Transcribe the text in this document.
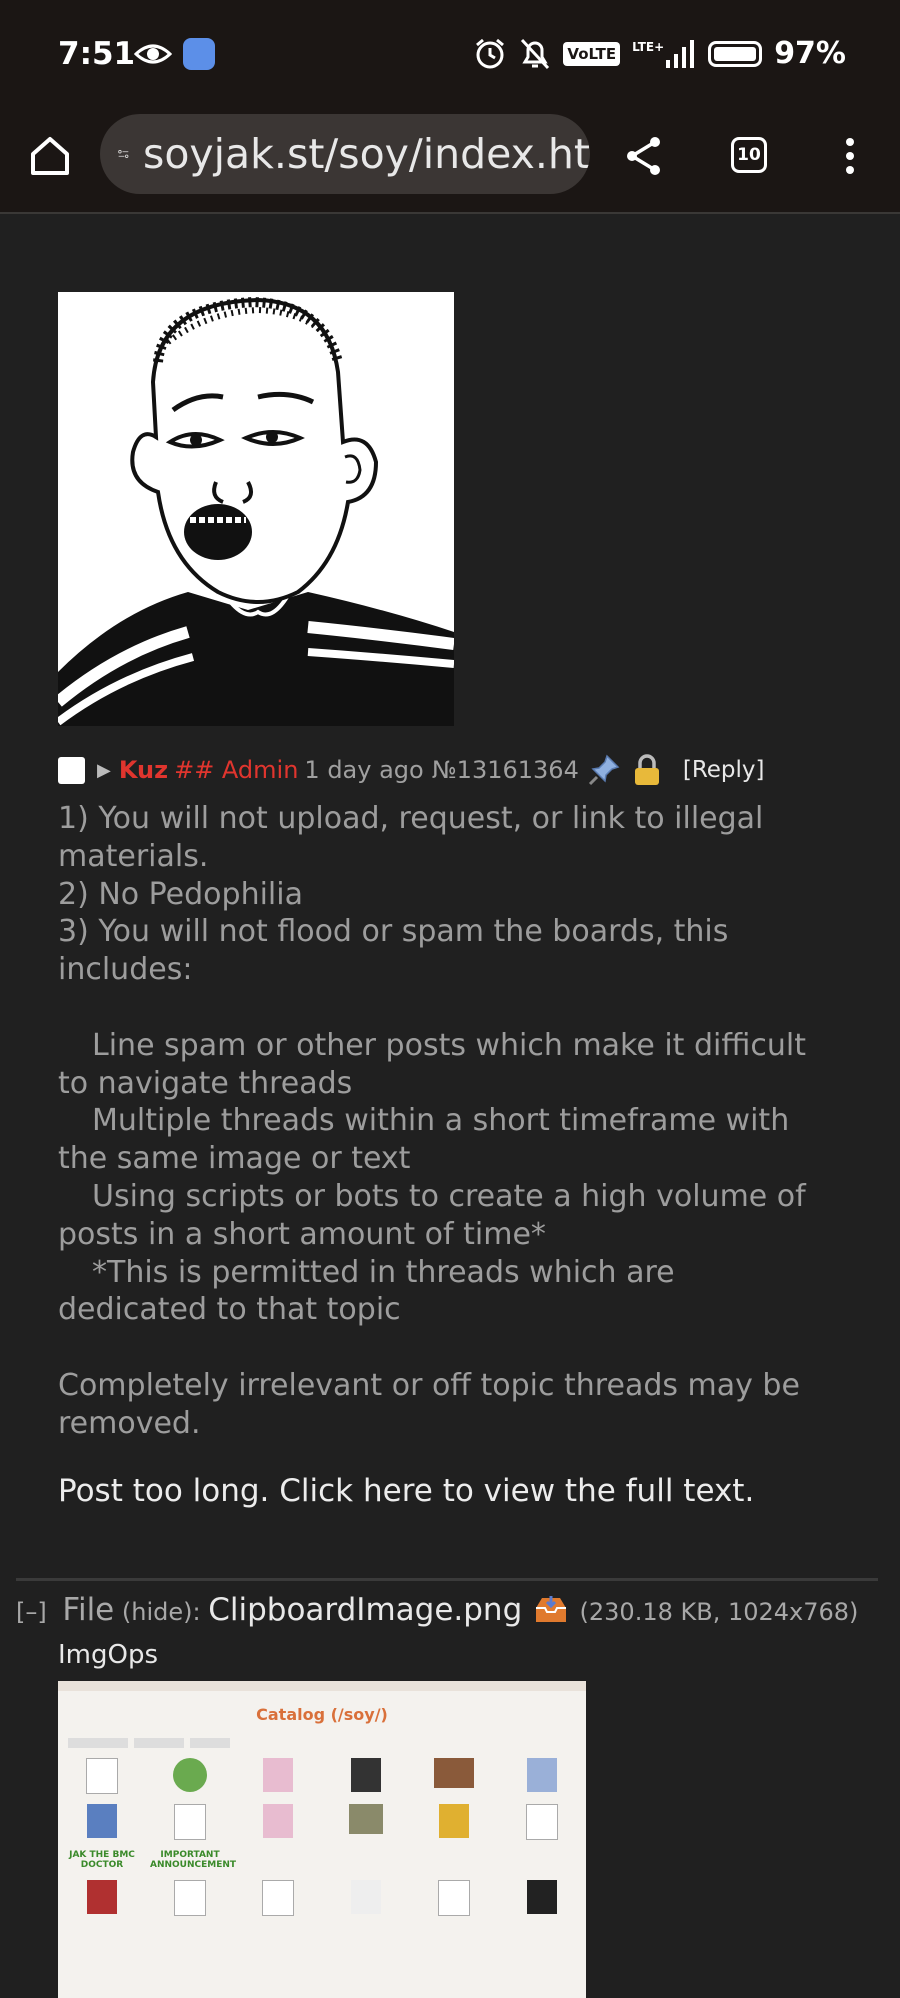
7:51	VoLTE	LTE+	97%
soyjak.st/soy/index.ht	10
▶ Kuz ## Admin 1 day ago №13161364	[Reply]

1) You will not upload, request, or link to illegal

materials.

2) No Pedophilia

3) You will not flood or spam the boards, this

includes:

Line spam or other posts which make it difficult

to navigate threads

Multiple threads within a short timeframe with

the same image or text

Using scripts or bots to create a high volume of

posts in a short amount of time*

*This is permitted in threads which are

dedicated to that topic

Completely irrelevant or off topic threads may be

removed.

Post too long. Click here to view the full text.
[–] File (hide): ClipboardImage.png (230.18 KB, 1024x768)
ImgOps
Catalog (/soy/)
JAK THE BMC DOCTOR
IMPORTANT ANNOUNCEMENT
